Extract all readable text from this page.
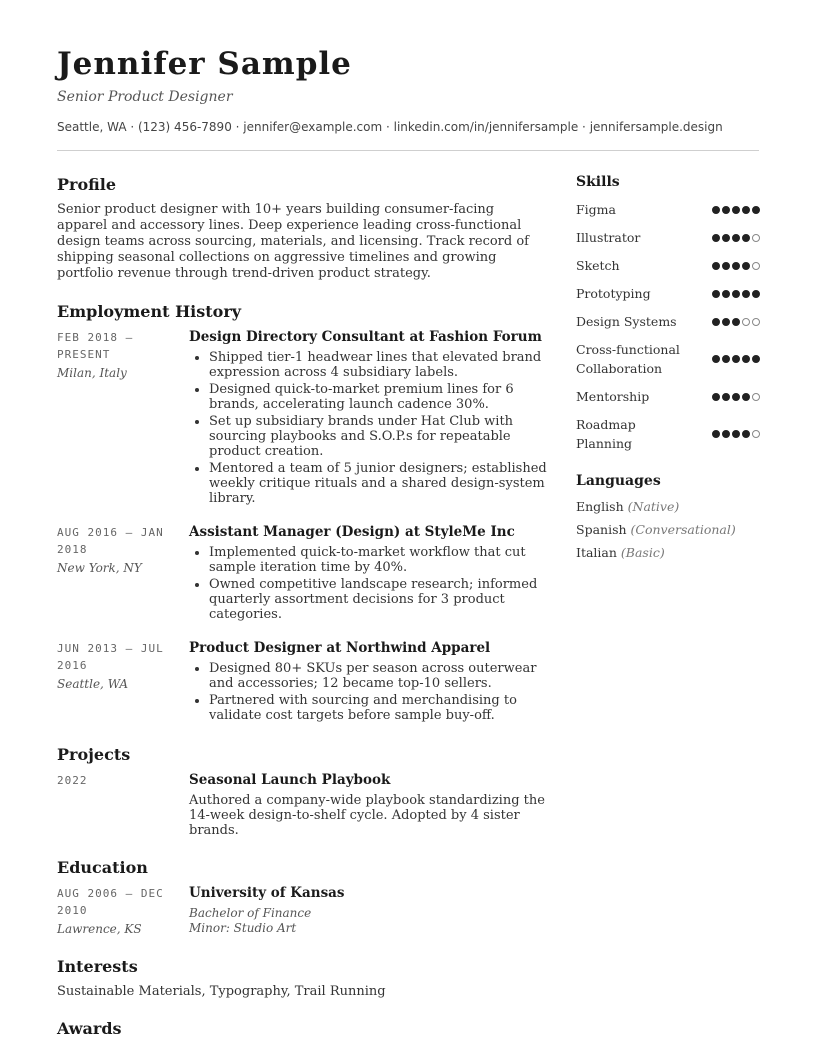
Jennifer Sample
Senior Product Designer
Seattle, WA · (123) 456-7890 · jennifer@example.com · linkedin.com/in/jennifersample · jennifersample.design
Profile
Senior product designer with 10+ years building consumer-facing apparel and accessory lines. Deep experience leading cross-functional design teams across sourcing, materials, and licensing. Track record of shipping seasonal collections on aggressive timelines and growing portfolio revenue through trend-driven product strategy.
Employment History
FEB 2018 — PRESENT
Milan, Italy
Design Directory Consultant at Fashion Forum
• Shipped tier-1 headwear lines that elevated brand expression across 4 subsidiary labels.
• Designed quick-to-market premium lines for 6 brands, accelerating launch cadence 30%.
• Set up subsidiary brands under Hat Club with sourcing playbooks and S.O.P.s for repeatable product creation.
• Mentored a team of 5 junior designers; established weekly critique rituals and a shared design-system library.
AUG 2016 — JAN 2018
New York, NY
Assistant Manager (Design) at StyleMe Inc
• Implemented quick-to-market workflow that cut sample iteration time by 40%.
• Owned competitive landscape research; informed quarterly assortment decisions for 3 product categories.
JUN 2013 — JUL 2016
Seattle, WA
Product Designer at Northwind Apparel
• Designed 80+ SKUs per season across outerwear and accessories; 12 became top-10 sellers.
• Partnered with sourcing and merchandising to validate cost targets before sample buy-off.
Projects
2022	Seasonal Launch Playbook
Authored a company-wide playbook standardizing the 14-week design-to-shelf cycle. Adopted by 4 sister brands.
Education
AUG 2006 — DEC 2010
Lawrence, KS
University of Kansas
Bachelor of Finance
Minor: Studio Art
Interests
Sustainable Materials, Typography, Trail Running
Awards
Skills
Figma
Illustrator
Sketch
Prototyping
Design Systems
Cross-functional Collaboration
Mentorship
Roadmap Planning
Languages
English (Native)
Spanish (Conversational)
Italian (Basic)
